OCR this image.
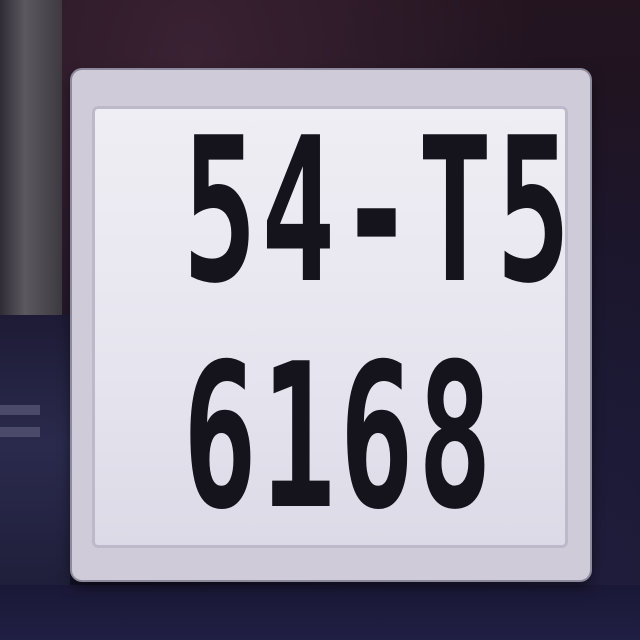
54-T5
6168
